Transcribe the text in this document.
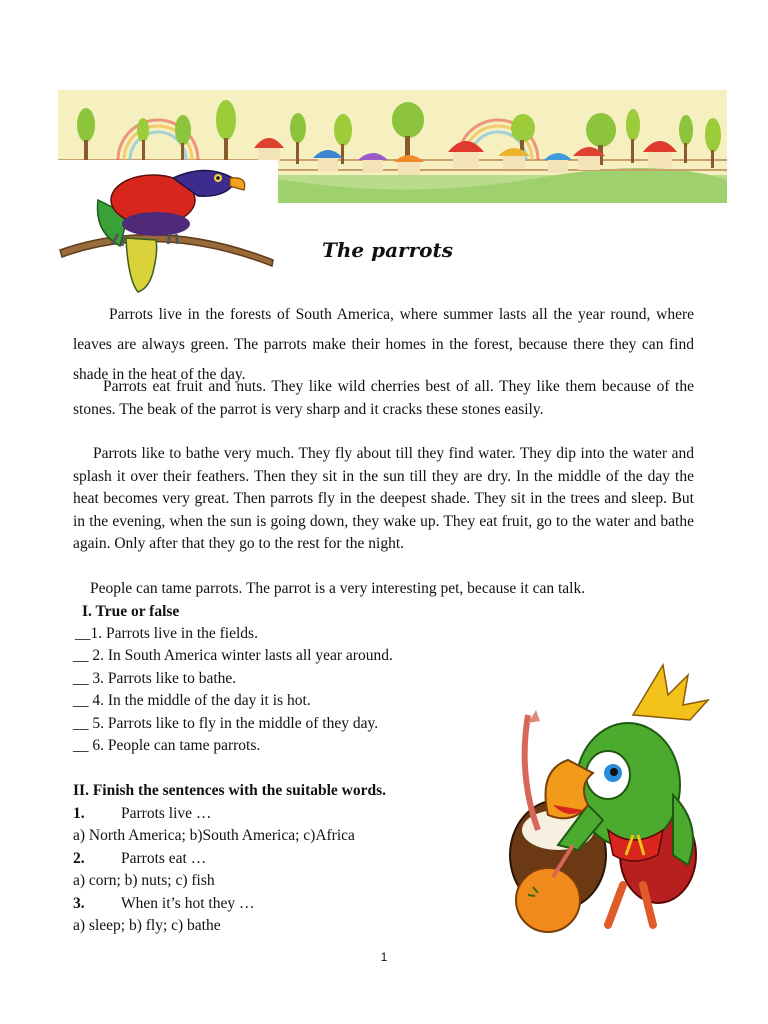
The parrots

Parrots live in the forests of South America, where summer lasts all the year round, where leaves are always green. The parrots make their homes in the forest, because there they can find shade in the heat of the day.

Parrots eat fruit and nuts. They like wild cherries best of all. They like them because of the stones. The beak of the parrot is very sharp and it cracks these stones easily.

Parrots like to bathe very much. They fly about till they find water. They dip into the water and splash it over their feathers. Then they sit in the sun till they are dry. In the middle of the day the heat becomes very great. Then parrots fly in the deepest shade. They sit in the trees and sleep. But in the evening, when the sun is going down, they wake up. They eat fruit, go to the water and bathe again. Only after that they go to the rest for the night.

People can tame parrots. The parrot is a very interesting pet, because it can talk.

I. True or false
__1. Parrots live in the fields.
__ 2. In South America winter lasts all year around.
__ 3. Parrots like to bathe.
__ 4. In the middle of the day it is hot.
__ 5. Parrots like to fly in the middle of they day.
__ 6. People can tame parrots.
II. Finish the sentences with the suitable words.
1. Parrots live …
a) North America; b)South America; c)Africa
2. Parrots eat …
a) corn; b) nuts; c) fish
3. When it’s hot they …
a) sleep; b) fly; c) bathe
1
